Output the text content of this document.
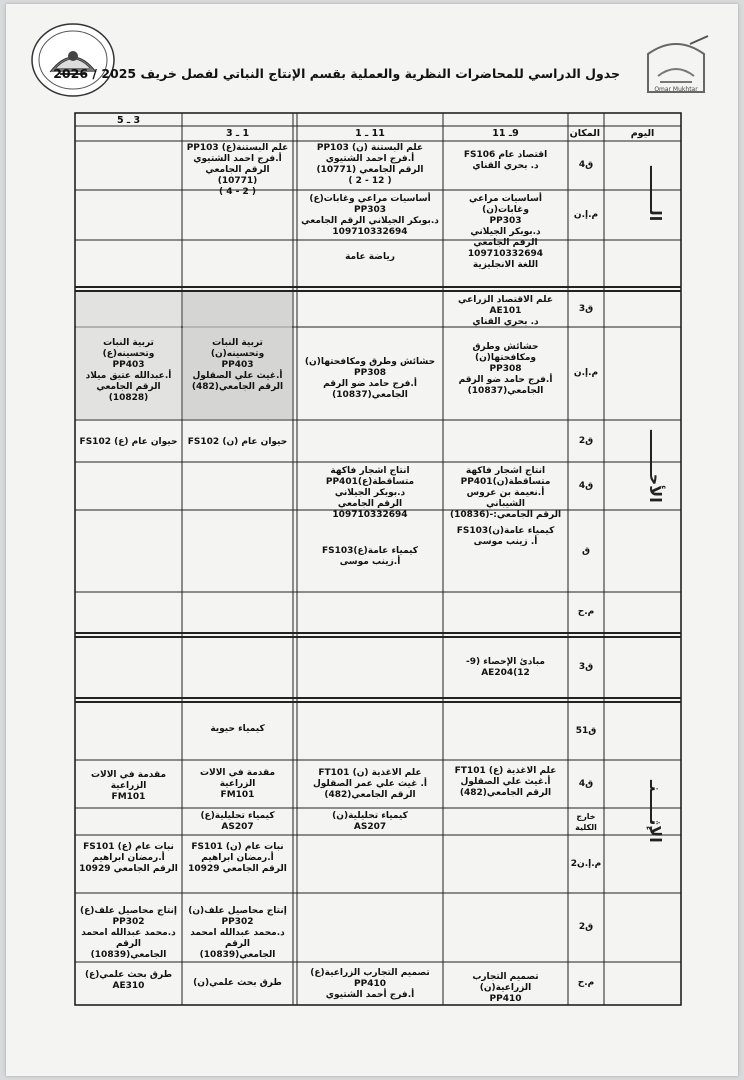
Omar Mukhtar
جدول الدراسي للمحاضرات النظرية والعملية بقسم الإنتاج النباتي لفصل خريف 2025 / 2026
اليوم
المكان
9ـ 11
11 ـ 1
1 ـ 3
3 ـ 5
الــــــــ
الأحــــــــ
الإثـــــنـ
ق4
اقتصاد عام FS106
د. بحري القناي
علم البستنة (ن) PP103
أ.فرج احمد الشتيوي
الرقم الجامعي (10771)
( 12 - 2 )
علم البستنة(ع) PP103
أ.فرج احمد الشتيوي
الرقم الجامعي (10771)
( 2 - 4 )
م.إ.ن
أساسيات مراعي وغابات(ن)
PP303
د.بوبكر الجيلاني
الرقم الجامعي 109710332694
أساسيات مراعي وغابات(ع)
PP303
د.بوبكر الجيلاني الرقم الجامعي
109710332694
اللغة الانجليزية
رياضة عامة
ق3
علم الاقتصاد الزراعي AE101
د. بحري القناي
م.إ.ن
حشائش وطرق ومكافحتها(ن)
PP308
أ.فرج حامد ضو الرقم
الجامعي(10837)
حشائش وطرق ومكافحتها(ن) PP308
أ.فرج حامد ضو الرقم
الجامعي(10837)
تربية النبات وتحسينه(ن)
PP403
أ.غيث علي الصقلول
الرقم الجامعي(482)
تربية النبات وتحسينه(ع)
PP403
أ.عبدالله عتيق ميلاد
الرقم الجامعي
(10828)
ق2
حيوان عام (ن) FS102
حيوان عام (ع) FS102
ق4
انتاج اشجار فاكهة
متساقطة(ن)PP401
أ.نعيمة بن عروس الشيباني
الرقم الجامعي:-(10836)
انتاج اشجار فاكهة متساقطة(ع)PP401
د.بوبكر الجيلاني
الرقم الجامعي 109710332694
ق
كيمياء عامة(ن)FS103
أ. زينب موسى
كيمياء عامة(ع)FS103
أ.زينب موسى
م.ح
ق3
مبادئ الإحصاء (9-12)AE204
ق51
كيمياء حيوية
ق4
علم الاغذية (ع) FT101
أ.غيث علي الصقلول
الرقم الجامعي(482)
علم الاغذية (ن) FT101
أ. غيث علي عمر الصقلول
الرقم الجامعي(482)
مقدمة في الالات الزراعية
FM101
مقدمة في الالات الزراعية
FM101
خارج الكلية
كيمياء تحليلية(ن)
AS207
كيمياء تحليلية(ع)
AS207
م.إ.ن2
نبات عام (ن) FS101
أ.رمضان ابراهيم
الرقم الجامعي 10929
نبات عام (ع) FS101
أ.رمضان ابراهيم
الرقم الجامعي 10929
ق2
إنتاج محاصيل علف(ن)
PP302
د.محمد عبدالله امحمد
الرقم الجامعي(10839)
إنتاج محاصيل علف(ع)
PP302
د.محمد عبدالله امحمد
الرقم الجامعي(10839)
م.ح
تصميم التجارب الزراعية(ن)
PP410
تصميم التجارب الزراعية(ع) PP410
أ.فرج أحمد الشتيوي
طرق بحث علمي(ن)
طرق بحث علمي(ع)
AE310
